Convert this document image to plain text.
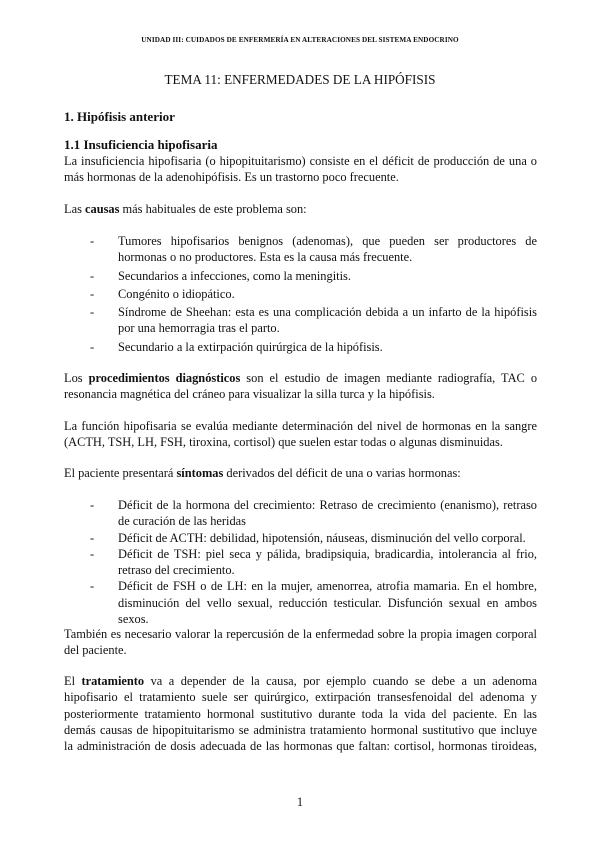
UNIDAD III: CUIDADOS DE ENFERMERÍA EN ALTERACIONES DEL SISTEMA ENDOCRINO
TEMA 11: ENFERMEDADES DE LA HIPÓFISIS
1. Hipófisis anterior
1.1 Insuficiencia hipofisaria
La insuficiencia hipofisaria (o hipopituitarismo) consiste en el déficit de producción de una o más hormonas de la adenohipófisis. Es un trastorno poco frecuente.
Las causas más habituales de este problema son:
- Tumores hipofisarios benignos (adenomas), que pueden ser productores de hormonas o no productores. Esta es la causa más frecuente.
- Secundarios a infecciones, como la meningitis.
- Congénito o idiopático.
- Síndrome de Sheehan: esta es una complicación debida a un infarto de la hipófisis por una hemorragia tras el parto.
- Secundario a la extirpación quirúrgica de la hipófisis.
Los procedimientos diagnósticos son el estudio de imagen mediante radiografía, TAC o resonancia magnética del cráneo para visualizar la silla turca y la hipófisis.
La función hipofisaria se evalúa mediante determinación del nivel de hormonas en la sangre (ACTH, TSH, LH, FSH, tiroxina, cortisol) que suelen estar todas o algunas disminuidas.
El paciente presentará síntomas derivados del déficit de una o varias hormonas:
- Déficit de la hormona del crecimiento: Retraso de crecimiento (enanismo), retraso de curación de las heridas
- Déficit de ACTH: debilidad, hipotensión, náuseas, disminución del vello corporal.
- Déficit de TSH: piel seca y pálida, bradipsiquia, bradicardia, intolerancia al frio, retraso del crecimiento.
- Déficit de FSH o de LH: en la mujer, amenorrea, atrofia mamaria. En el hombre, disminución del vello sexual, reducción testicular. Disfunción sexual en ambos sexos.
También es necesario valorar la repercusión de la enfermedad sobre la propia imagen corporal del paciente.
El tratamiento va a depender de la causa, por ejemplo cuando se debe a un adenoma hipofisario el tratamiento suele ser quirúrgico, extirpación transesfenoidal del adenoma y posteriormente tratamiento hormonal sustitutivo durante toda la vida del paciente. En las demás causas de hipopituitarismo se administra tratamiento hormonal sustitutivo que incluye la administración de dosis adecuada de las hormonas que faltan: cortisol, hormonas tiroideas,
1
